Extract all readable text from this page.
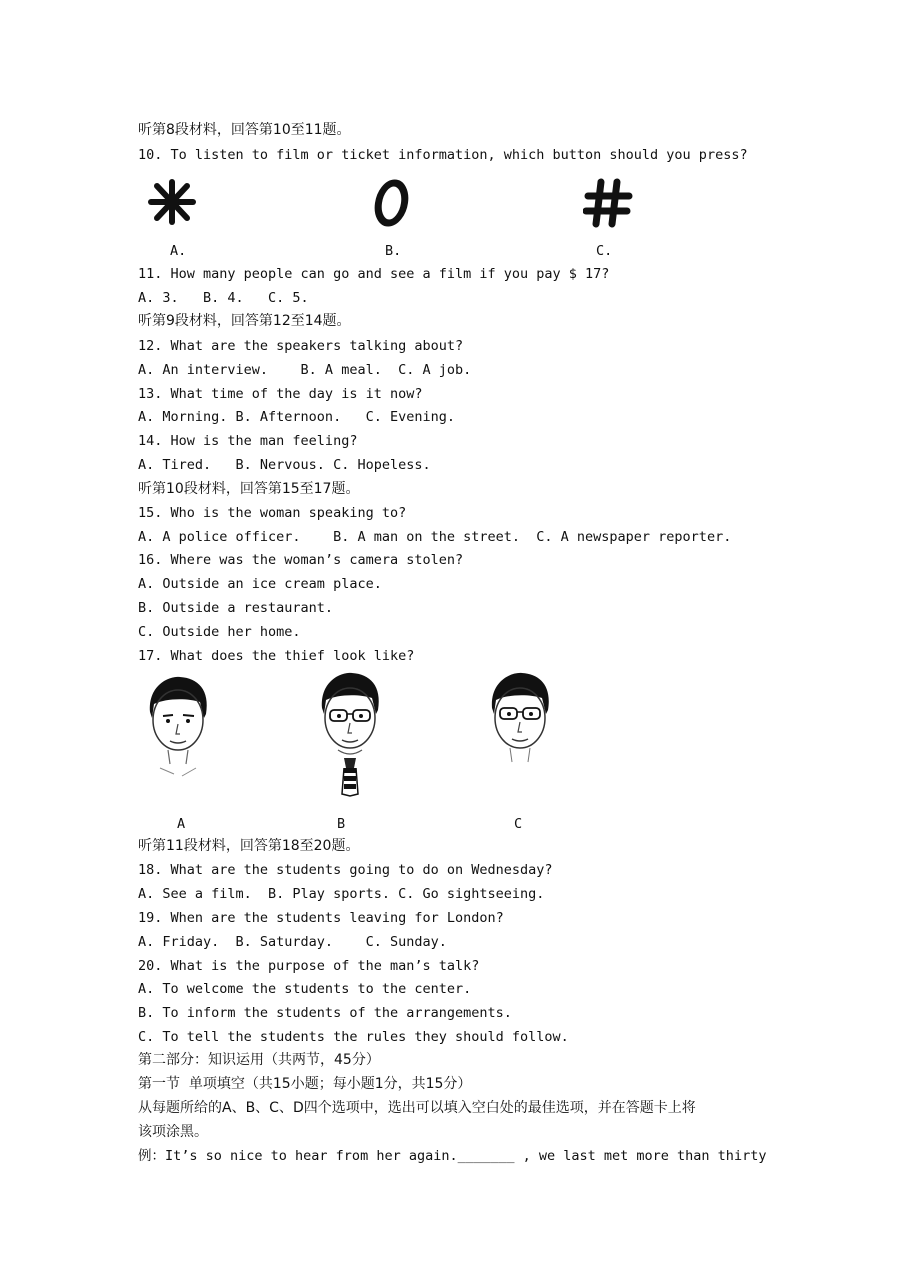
听第8段材料，回答第10至11题。
10. To listen to film or ticket information, which button should you press?
A.	B.	C.
11. How many people can go and see a film if you pay $ 17?
A. 3.   B. 4.   C. 5.
听第9段材料，回答第12至14题。
12. What are the speakers talking about?
A. An interview.    B. A meal.  C. A job.
13. What time of the day is it now?
A. Morning. B. Afternoon.   C. Evening.
14. How is the man feeling?
A. Tired.   B. Nervous. C. Hopeless.
听第10段材料，回答第15至17题。
15. Who is the woman speaking to?
A. A police officer.    B. A man on the street.  C. A newspaper reporter.
16. Where was the woman’s camera stolen?
A. Outside an ice cream place.
B. Outside a restaurant.
C. Outside her home.
17. What does the thief look like?
A	B	C
听第11段材料，回答第18至20题。
18. What are the students going to do on Wednesday?
A. See a film.  B. Play sports. C. Go sightseeing.
19. When are the students leaving for London?
A. Friday.  B. Saturday.    C. Sunday.
20. What is the purpose of the man’s talk?
A. To welcome the students to the center.
B. To inform the students of the arrangements.
C. To tell the students the rules they should follow.
第二部分：知识运用（共两节，45分）
第一节  单项填空（共15小题；每小题1分，共15分）
从每题所给的A、B、C、D四个选项中，选出可以填入空白处的最佳选项，并在答题卡上将
该项涂黑。
例：It’s so nice to hear from her again._______ , we last met more than thirty
